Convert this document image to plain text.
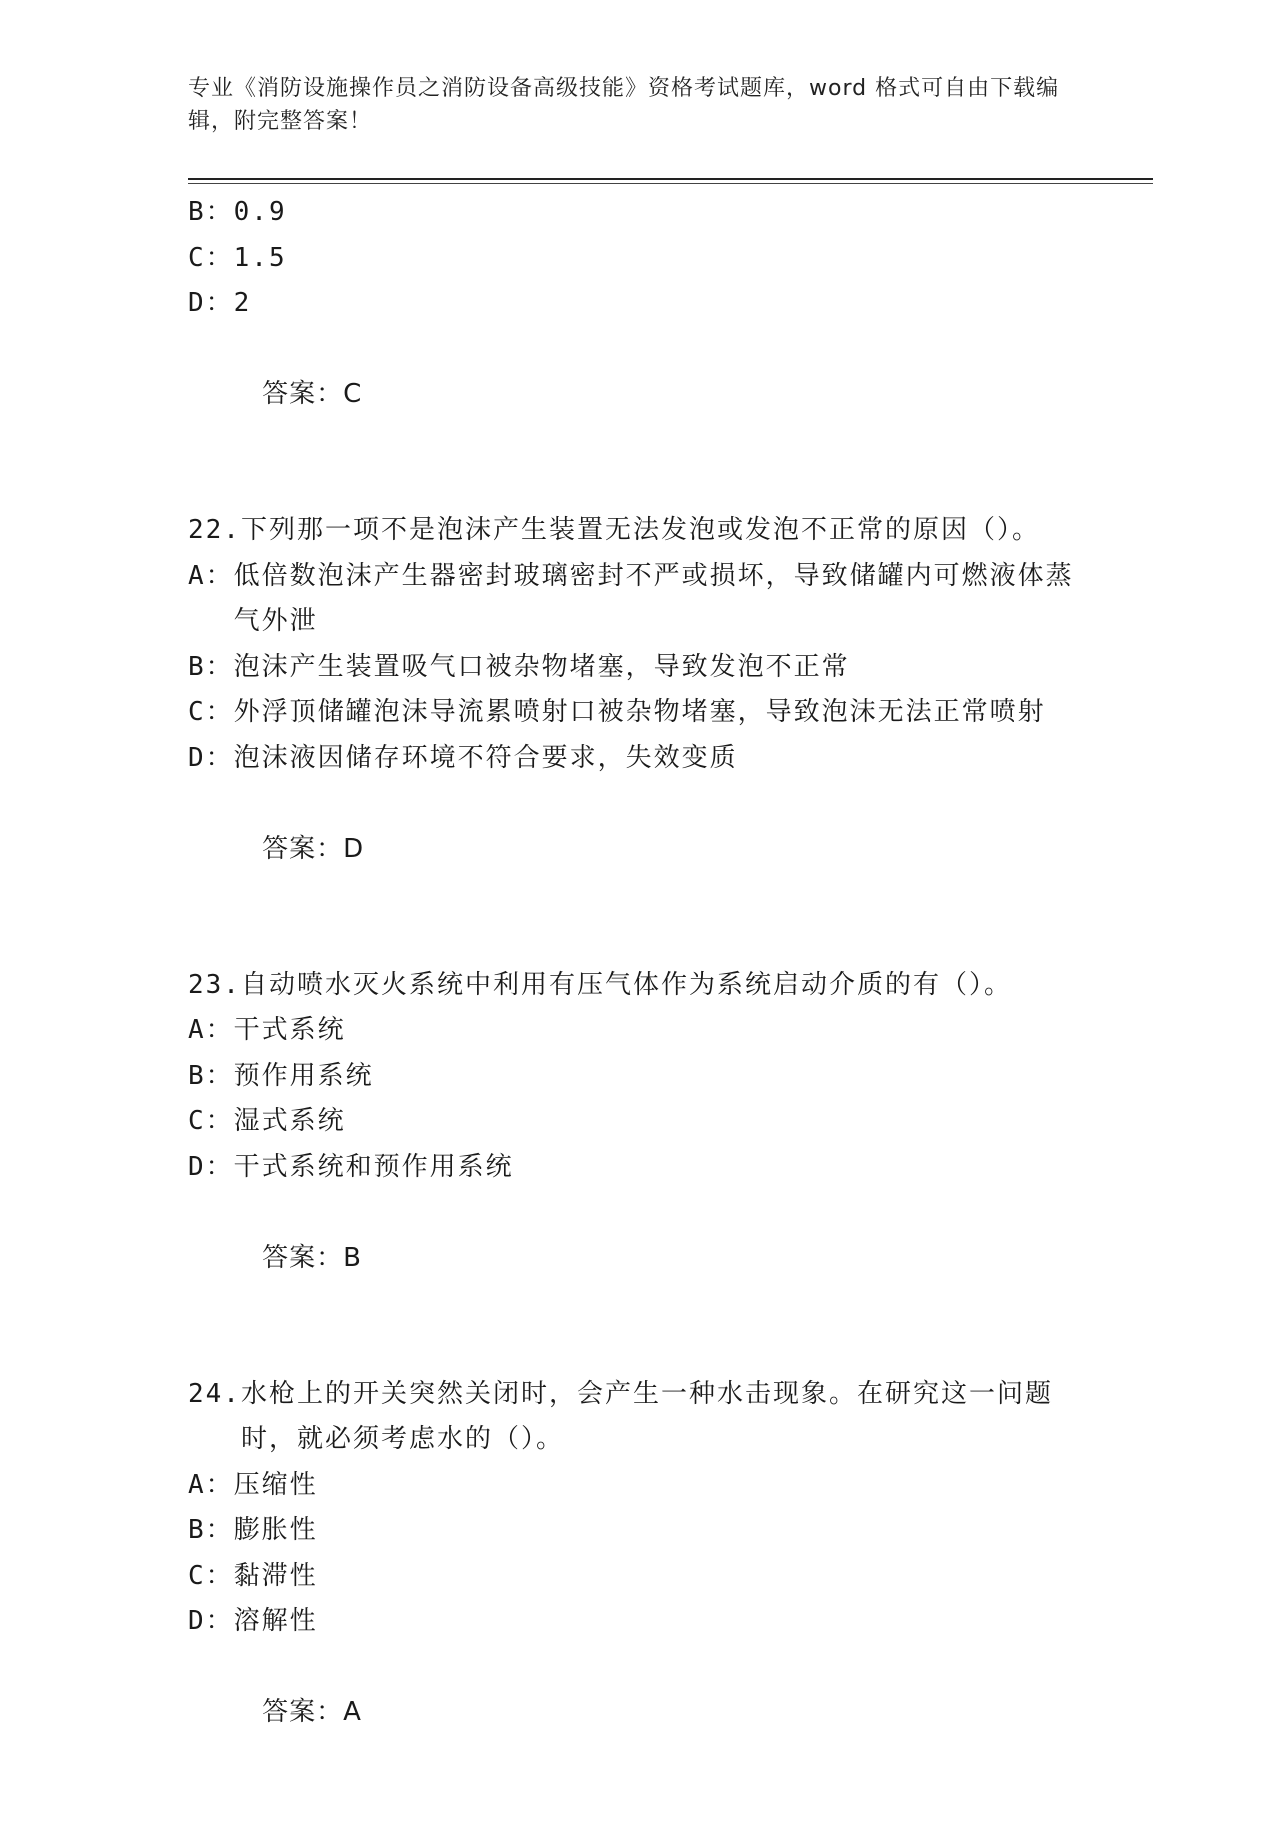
专业《消防设施操作员之消防设备高级技能》资格考试题库，word 格式可自由下载编辑，附完整答案！
B： 0.9
C： 1.5
D： 2

答案：C

22. 下列那一项不是泡沫产生装置无法发泡或发泡不正常的原因（）。
A： 低倍数泡沫产生器密封玻璃密封不严或损坏，导致储罐内可燃液体蒸气外泄
B： 泡沫产生装置吸气口被杂物堵塞，导致发泡不正常
C： 外浮顶储罐泡沫导流累喷射口被杂物堵塞，导致泡沫无法正常喷射
D： 泡沫液因储存环境不符合要求，失效变质

答案：D

23. 自动喷水灭火系统中利用有压气体作为系统启动介质的有（）。
A： 干式系统
B： 预作用系统
C： 湿式系统
D： 干式系统和预作用系统

答案：B

24. 水枪上的开关突然关闭时，会产生一种水击现象。在研究这一问题时，就必须考虑水的（）。
A： 压缩性
B： 膨胀性
C： 黏滞性
D： 溶解性

答案：A
